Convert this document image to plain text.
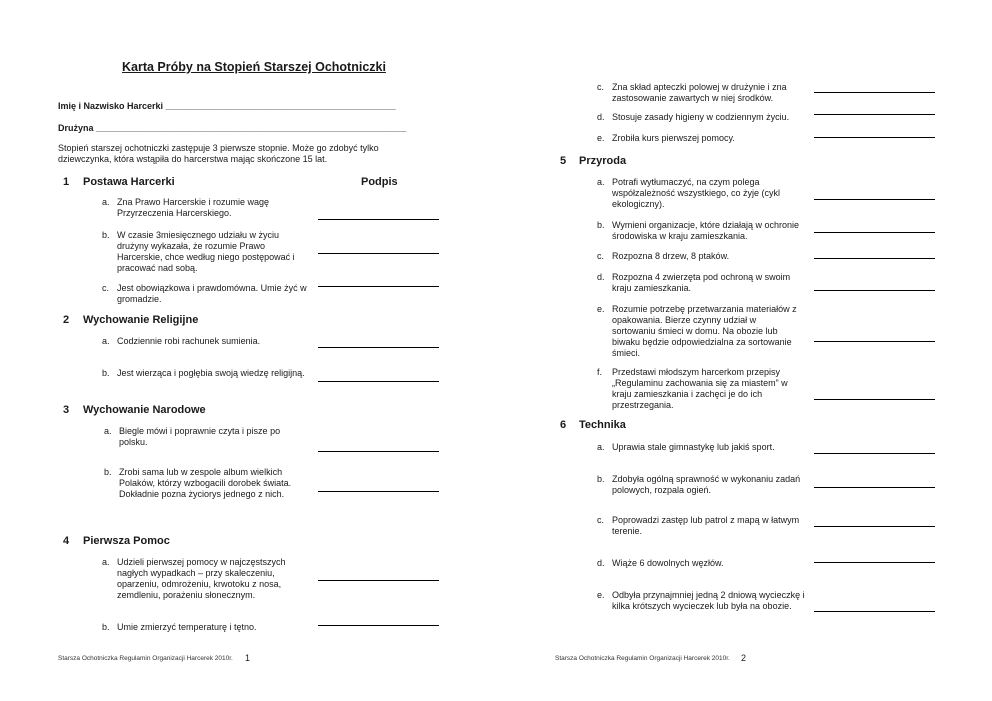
Karta Próby na Stopień Starszej Ochotniczki
Imię i Nazwisko Harcerki ______________________________________________
Drużyna ______________________________________________________________
Stopień starszej ochotniczki zastępuje 3 pierwsze stopnie. Może go zdobyć tylko dziewczynka, która wstąpiła do harcerstwa mając skończone 15 lat.
1 Postawa Harcerki	Podpis
a. Zna Prawo Harcerskie i rozumie wagę Przyrzeczenia Harcerskiego.
b. W czasie 3miesięcznego udziału w życiu drużyny wykazała, że rozumie Prawo Harcerskie, chce według niego postępować i pracować nad sobą.
c. Jest obowiązkowa i prawdomówna. Umie żyć w gromadzie.
2 Wychowanie Religijne
a. Codziennie robi rachunek sumienia.
b. Jest wierząca i pogłębia swoją wiedzę religijną.
3 Wychowanie Narodowe
a. Biegle mówi i poprawnie czyta i pisze po polsku.
b. Zrobi sama lub w zespole album wielkich Polaków, którzy wzbogacili dorobek świata. Dokładnie pozna życiorys jednego z nich.
4 Pierwsza Pomoc
a. Udzieli pierwszej pomocy w najczęstszych nagłych wypadkach – przy skaleczeniu, oparzeniu, odmrożeniu, krwotoku z nosa, zemdleniu, porażeniu słonecznym.
b. Umie zmierzyć temperaturę i tętno.
Starsza Ochotniczka Regulamin Organizacji Harcerek 2010r. 1
c. Zna skład apteczki polowej w drużynie i zna zastosowanie zawartych w niej środków.
d. Stosuje zasady higieny w codziennym życiu.
e. Zrobiła kurs pierwszej pomocy.
5 Przyroda
a. Potrafi wytłumaczyć, na czym polega współzależność wszystkiego, co żyje (cykl ekologiczny).
b. Wymieni organizacje, które działają w ochronie środowiska w kraju zamieszkania.
c. Rozpozna 8 drzew, 8 ptaków.
d. Rozpozna 4 zwierzęta pod ochroną w swoim kraju zamieszkania.
e. Rozumie potrzebę przetwarzania materiałów z opakowania. Bierze czynny udział w sortowaniu śmieci w domu. Na obozie lub biwaku będzie odpowiedzialna za sortowanie śmieci.
f. Przedstawi młodszym harcerkom przepisy „Regulaminu zachowania się za miastem” w kraju zamieszkania i zachęci je do ich przestrzegania.
6 Technika
a. Uprawia stale gimnastykę lub jakiś sport.
b. Zdobyła ogólną sprawność w wykonaniu zadań polowych, rozpala ogień.
c. Poprowadzi zastęp lub patrol z mapą w łatwym terenie.
d. Wiąże 6 dowolnych węzłów.
e. Odbyła przynajmniej jedną 2 dniową wycieczkę i kilka krótszych wycieczek lub była na obozie.
Starsza Ochotniczka Regulamin Organizacji Harcerek 2010r. 2
